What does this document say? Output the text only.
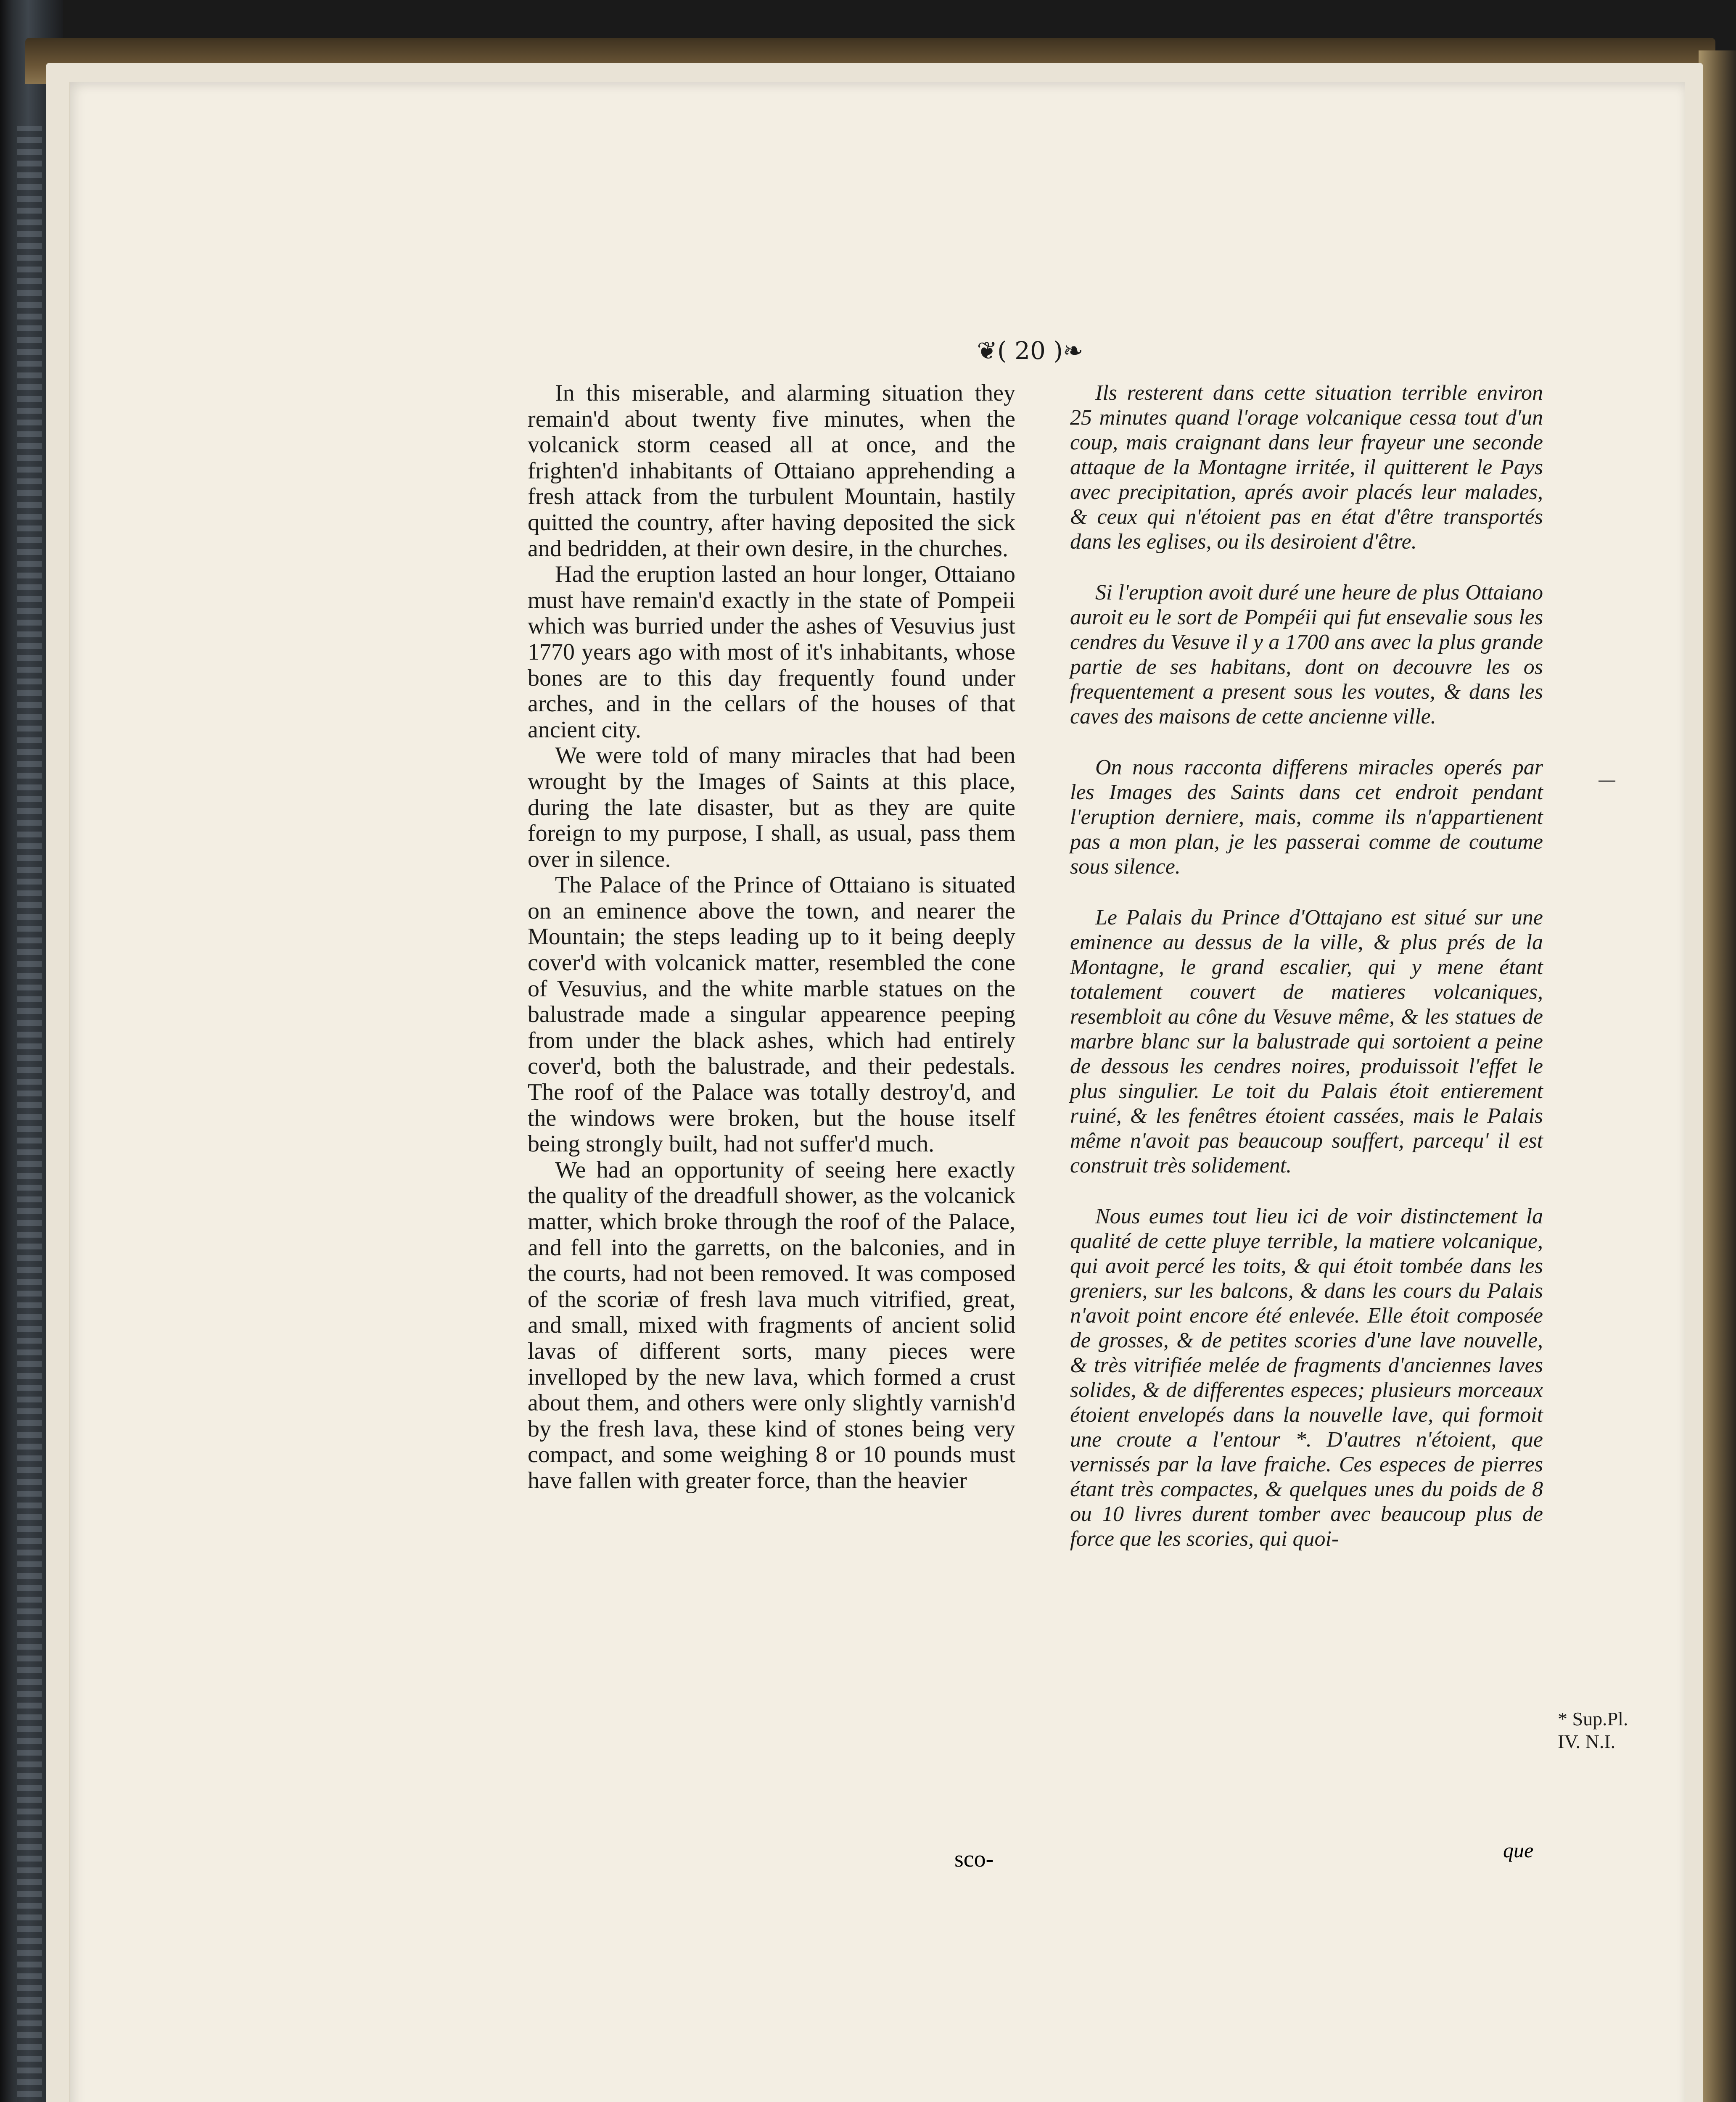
❦( 20 )❧

In this miserable, and alarming situation they remain'd about twenty five minutes, when the volcanick storm ceased all at once, and the frighten'd inhabitants of Ottaiano apprehending a fresh attack from the turbulent Mountain, hastily quitted the country, after having deposited the sick and bedridden, at their own desire, in the churches.

Had the eruption lasted an hour longer, Ottaiano must have remain'd exactly in the state of Pompeii which was burried under the ashes of Vesuvius just 1770 years ago with most of it's inhabitants, whose bones are to this day frequently found under arches, and in the cellars of the houses of that ancient city.

We were told of many miracles that had been wrought by the Images of Saints at this place, during the late disaster, but as they are quite foreign to my purpose, I shall, as usual, pass them over in silence.

The Palace of the Prince of Ottaiano is situated on an eminence above the town, and nearer the Mountain; the steps leading up to it being deeply cover'd with volcanick matter, resembled the cone of Vesuvius, and the white marble statues on the balustrade made a singular appearence peeping from under the black ashes, which had entirely cover'd, both the balustrade, and their pedestals. The roof of the Palace was totally destroy'd, and the windows were broken, but the house itself being strongly built, had not suffer'd much.

We had an opportunity of seeing here exactly the quality of the dreadfull shower, as the volcanick matter, which broke through the roof of the Palace, and fell into the garretts, on the balconies, and in the courts, had not been removed. It was composed of the scoriæ of fresh lava much vitrified, great, and small, mixed with fragments of ancient solid lavas of different sorts, many pieces were invelloped by the new lava, which formed a crust about them, and others were only slightly varnish'd by the fresh lava, these kind of stones being very compact, and some weighing 8 or 10 pounds must have fallen with greater force, than the heavier

sco-

Ils resterent dans cette situation terrible environ 25 minutes quand l'orage volcanique cessa tout d'un coup, mais craignant dans leur frayeur une seconde attaque de la Montagne irritée, il quitterent le Pays avec precipitation, aprés avoir placés leur malades, & ceux qui n'étoient pas en état d'être transportés dans les eglises, ou ils desiroient d'être.

Si l'eruption avoit duré une heure de plus Ottaiano auroit eu le sort de Pompéii qui fut ensevalie sous les cendres du Vesuve il y a 1700 ans avec la plus grande partie de ses habitans, dont on decouvre les os frequentement a present sous les voutes, & dans les caves des maisons de cette ancienne ville.

On nous racconta differens miracles operés par les Images des Saints dans cet endroit pendant l'eruption derniere, mais, comme ils n'appartienent pas a mon plan, je les passerai comme de coutume sous silence.

Le Palais du Prince d'Ottajano est situé sur une eminence au dessus de la ville, & plus prés de la Montagne, le grand escalier, qui y mene étant totalement couvert de matieres volcaniques, resembloit au cône du Vesuve même, & les statues de marbre blanc sur la balustrade qui sortoient a peine de dessous les cendres noires, produissoit l'effet le plus singulier. Le toit du Palais étoit entierement ruiné, & les fenêtres étoient cassées, mais le Palais même n'avoit pas beaucoup souffert, parcequ' il est construit très solidement.

Nous eumes tout lieu ici de voir distinctement la qualité de cette pluye terrible, la matiere volcanique, qui avoit percé les toits, & qui étoit tombée dans les greniers, sur les balcons, & dans les cours du Palais n'avoit point encore été enlevée. Elle étoit composée de grosses, & de petites scories d'une lave nouvelle, & très vitrifiée melée de fragments d'anciennes laves solides, & de differentes especes; plusieurs morceaux étoient envelopés dans la nouvelle lave, qui formoit une croute a l'entour *. D'autres n'étoient, que vernissés par la lave fraiche. Ces especes de pierres étant très compactes, & quelques unes du poids de 8 ou 10 livres durent tomber avec beaucoup plus de force que les scories, qui quoi-

que
* Sup.Pl. IV. N.I.
—
